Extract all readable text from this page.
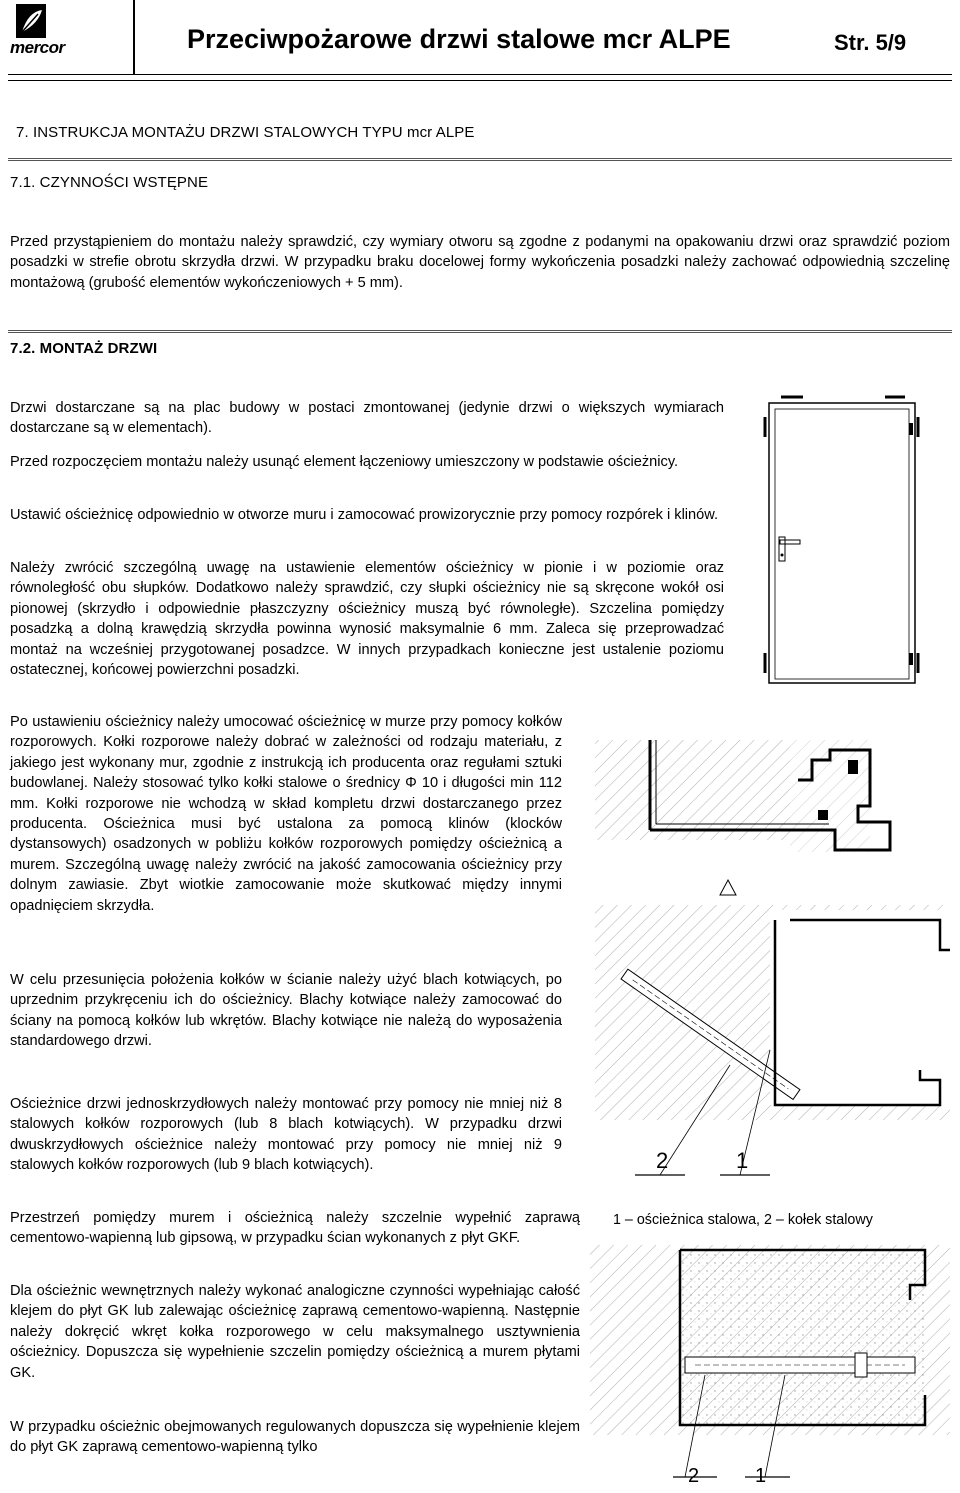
mercor	Przeciwpożarowe drzwi stalowe mcr ALPE	Str. 5/9
7. INSTRUKCJA MONTAŻU DRZWI STALOWYCH TYPU mcr ALPE
7.1. CZYNNOŚCI WSTĘPNE

Przed przystąpieniem do montażu należy sprawdzić, czy wymiary otworu są zgodne z podanymi na opakowaniu drzwi oraz sprawdzić poziom posadzki w strefie obrotu skrzydła drzwi. W przypadku braku docelowej formy wykończenia posadzki należy zachować odpowiednią szczelinę montażową (grubość elementów wykończeniowych + 5 mm).

7.2. MONTAŻ DRZWI

Drzwi dostarczane są na plac budowy w postaci zmontowanej (jedynie drzwi o większych wymiarach dostarczane są w elementach).

Przed rozpoczęciem montażu należy usunąć element łączeniowy umieszczony w podstawie ościeżnicy.

Ustawić ościeżnicę odpowiednio w otworze muru i zamocować prowizorycznie przy pomocy rozpórek i klinów.

Należy zwrócić szczególną uwagę na ustawienie elementów ościeżnicy w pionie i w poziomie oraz równoległość obu słupków. Dodatkowo należy sprawdzić, czy słupki ościeżnicy nie są skręcone wokół osi pionowej (skrzydło i odpowiednie płaszczyzny ościeżnicy muszą być równoległe). Szczelina pomiędzy posadzką a dolną krawędzią skrzydła powinna wynosić maksymalnie 6 mm. Zaleca się przeprowadzać montaż na wcześniej przygotowanej posadzce. W innych przypadkach konieczne jest ustalenie poziomu ostatecznej, końcowej powierzchni posadzki.

Po ustawieniu ościeżnicy należy umocować ościeżnicę w murze przy pomocy kołków rozporowych. Kołki rozporowe należy dobrać w zależności od rodzaju materiału, z jakiego jest wykonany mur, zgodnie z instrukcją ich producenta oraz regułami sztuki budowlanej. Należy stosować tylko kołki stalowe o średnicy Φ 10 i długości min 112 mm. Kołki rozporowe nie wchodzą w skład kompletu drzwi dostarczanego przez producenta. Ościeżnica musi być ustalona za pomocą klinów (klocków dystansowych) osadzonych w pobliżu kołków rozporowych pomiędzy ościeżnicą a murem. Szczególną uwagę należy zwrócić na jakość zamocowania ościeżnicy przy dolnym zawiasie. Zbyt wiotkie zamocowanie może skutkować między innymi opadnięciem skrzydła.

W celu przesunięcia położenia kołków w ścianie należy użyć blach kotwiących, po uprzednim przykręceniu ich do ościeżnicy. Blachy kotwiące należy zamocować do ściany na pomocą kołków lub wkrętów. Blachy kotwiące nie należą do wyposażenia standardowego drzwi.

Ościeżnice drzwi jednoskrzydłowych należy montować przy pomocy nie mniej niż 8 stalowych kołków rozporowych (lub 8 blach kotwiących). W przypadku drzwi dwuskrzydłowych ościeżnice należy montować przy pomocy nie mniej niż 9 stalowych kołków rozporowych (lub 9 blach kotwiących).

Przestrzeń pomiędzy murem i ościeżnicą należy szczelnie wypełnić zaprawą cementowo-wapienną lub gipsową, w przypadku ścian wykonanych z płyt GKF.

Dla ościeżnic wewnętrznych należy wykonać analogiczne czynności wypełniając całość klejem do płyt GK lub zalewając ościeżnicę zaprawą cementowo-wapienną. Następnie należy dokręcić wkręt kołka rozporowego w celu maksymalnego usztywnienia ościeżnicy. Dopuszcza się wypełnienie szczelin pomiędzy ościeżnicą a murem płytami GK.

W przypadku ościeżnic obejmowanych regulowanych dopuszcza się wypełnienie klejem do płyt GK zaprawą cementowo-wapienną tylko

2	1
1 – ościeżnica stalowa, 2 – kołek stalowy
2	1
